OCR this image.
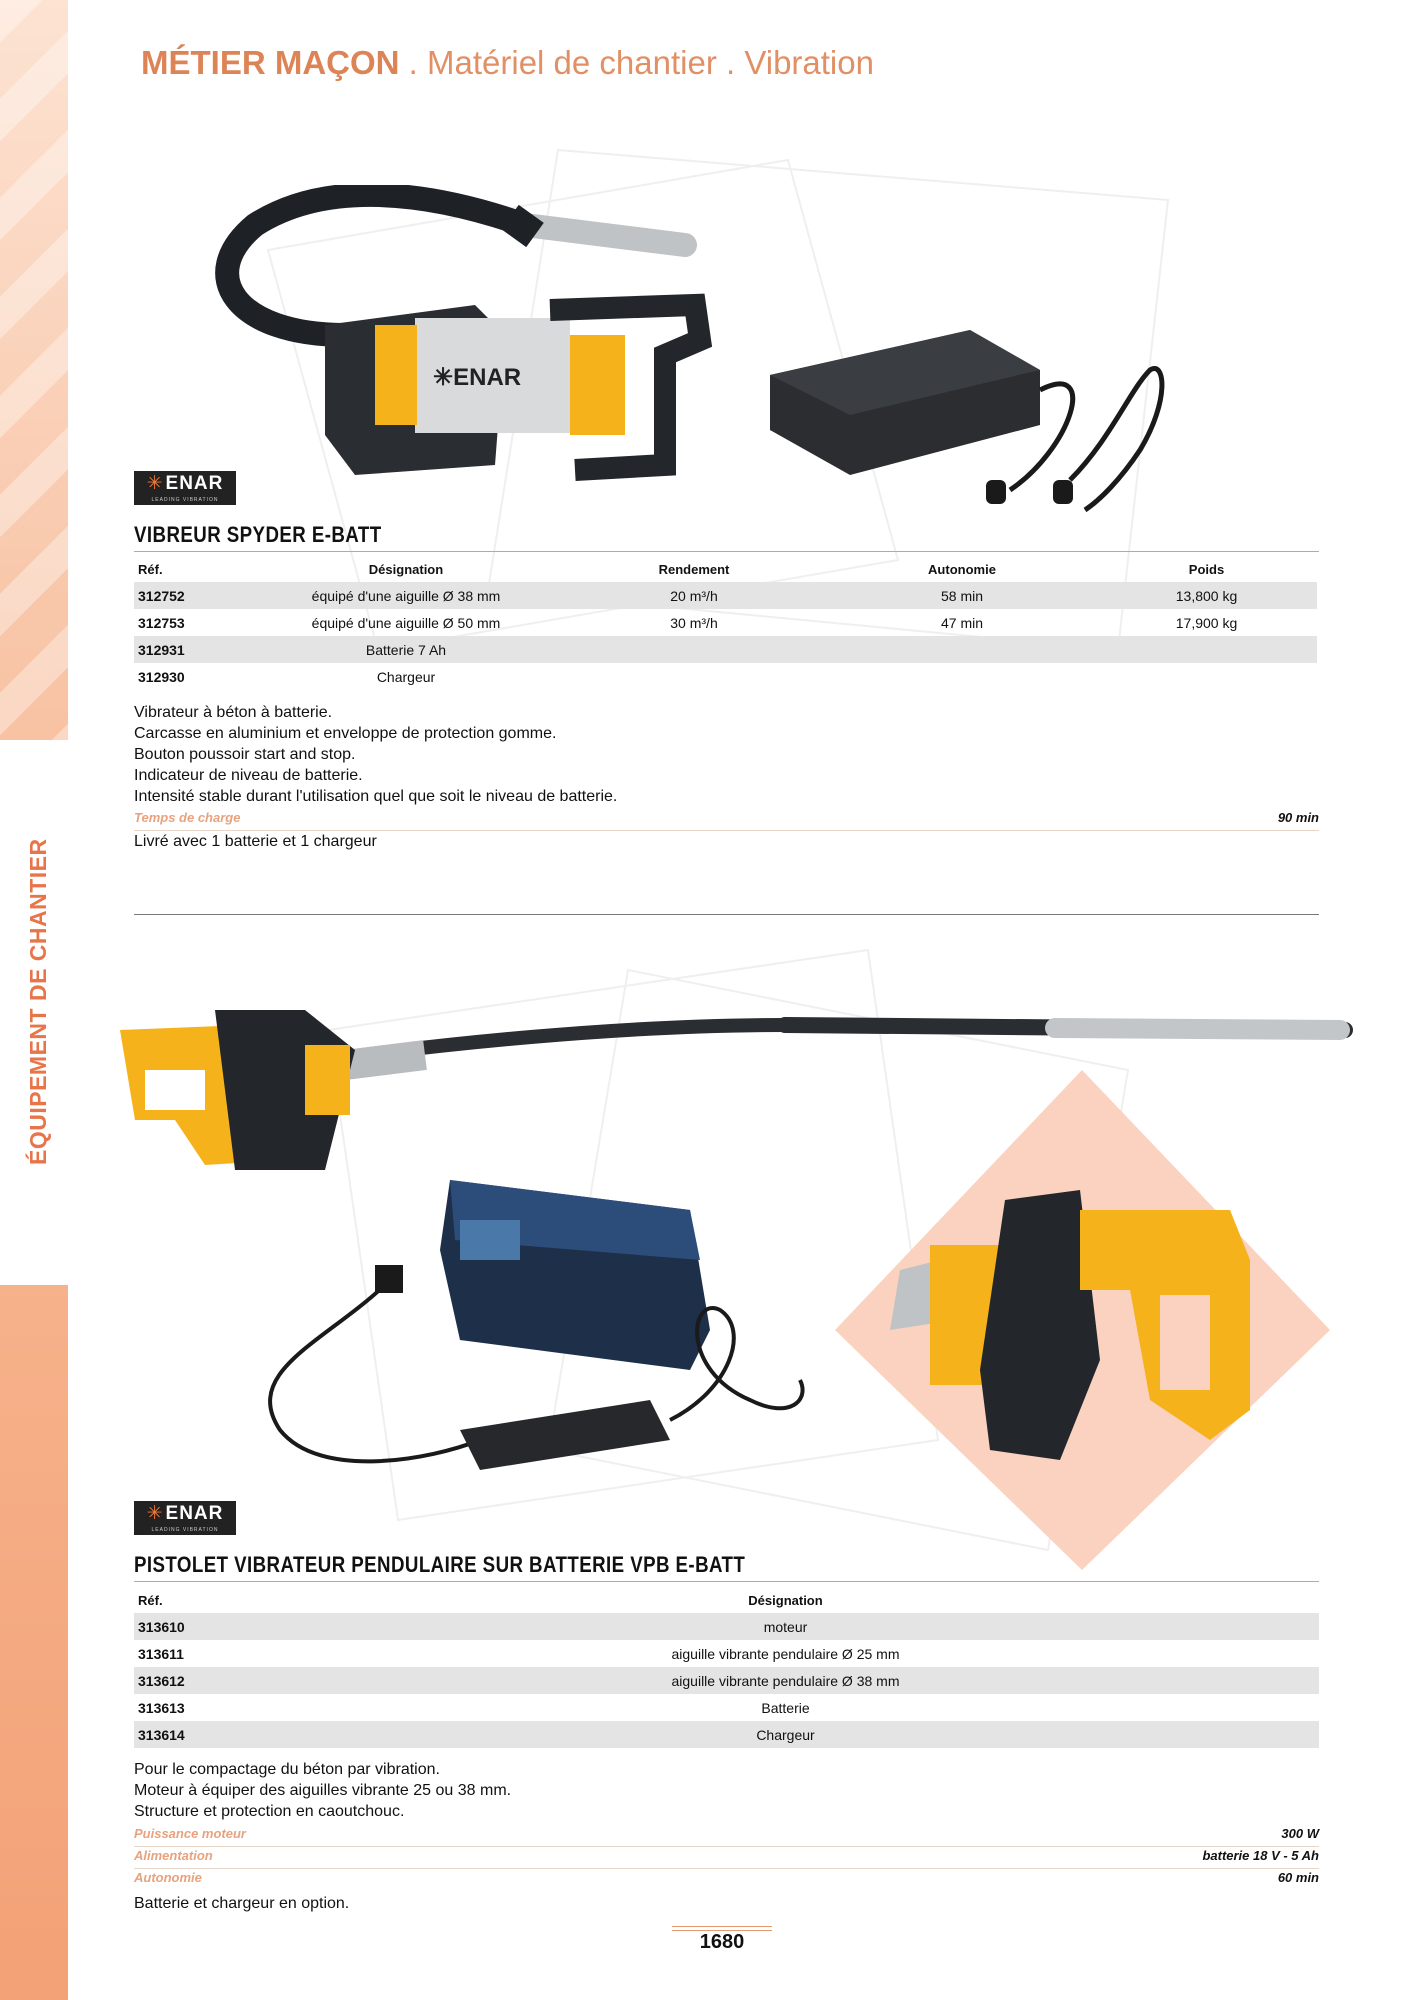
ÉQUIPEMENT DE CHANTIER
MÉTIER MAÇON . Matériel de chantier . Vibration
✳ENAR
✳ ENAR
LEADING VIBRATION
VIBREUR SPYDER E-BATT
Réf.	Désignation	Rendement	Autonomie	Poids
312752	équipé d'une aiguille Ø 38 mm	20 m³/h	58 min	13,800 kg
312753	équipé d'une aiguille Ø 50 mm	30 m³/h	47 min	17,900 kg
312931	Batterie 7 Ah			
312930	Chargeur			
Vibrateur à béton à batterie.
Carcasse en aluminium et enveloppe de protection gomme.
Bouton poussoir start and stop.
Indicateur de niveau de batterie.
Intensité stable durant l'utilisation quel que soit le niveau de batterie.
Temps de charge	90 min
Livré avec 1 batterie et 1 chargeur
✳ ENAR
LEADING VIBRATION
PISTOLET VIBRATEUR PENDULAIRE SUR BATTERIE VPB E-BATT
Réf.	Désignation
313610	moteur
313611	aiguille vibrante pendulaire Ø 25 mm
313612	aiguille vibrante pendulaire Ø 38 mm
313613	Batterie
313614	Chargeur
Pour le compactage du béton par vibration.
Moteur à équiper des aiguilles vibrante 25 ou 38 mm.
Structure et protection en caoutchouc.
Puissance moteur	300 W
Alimentation	batterie 18 V - 5 Ah
Autonomie	60 min
Batterie et chargeur en option.
1680
